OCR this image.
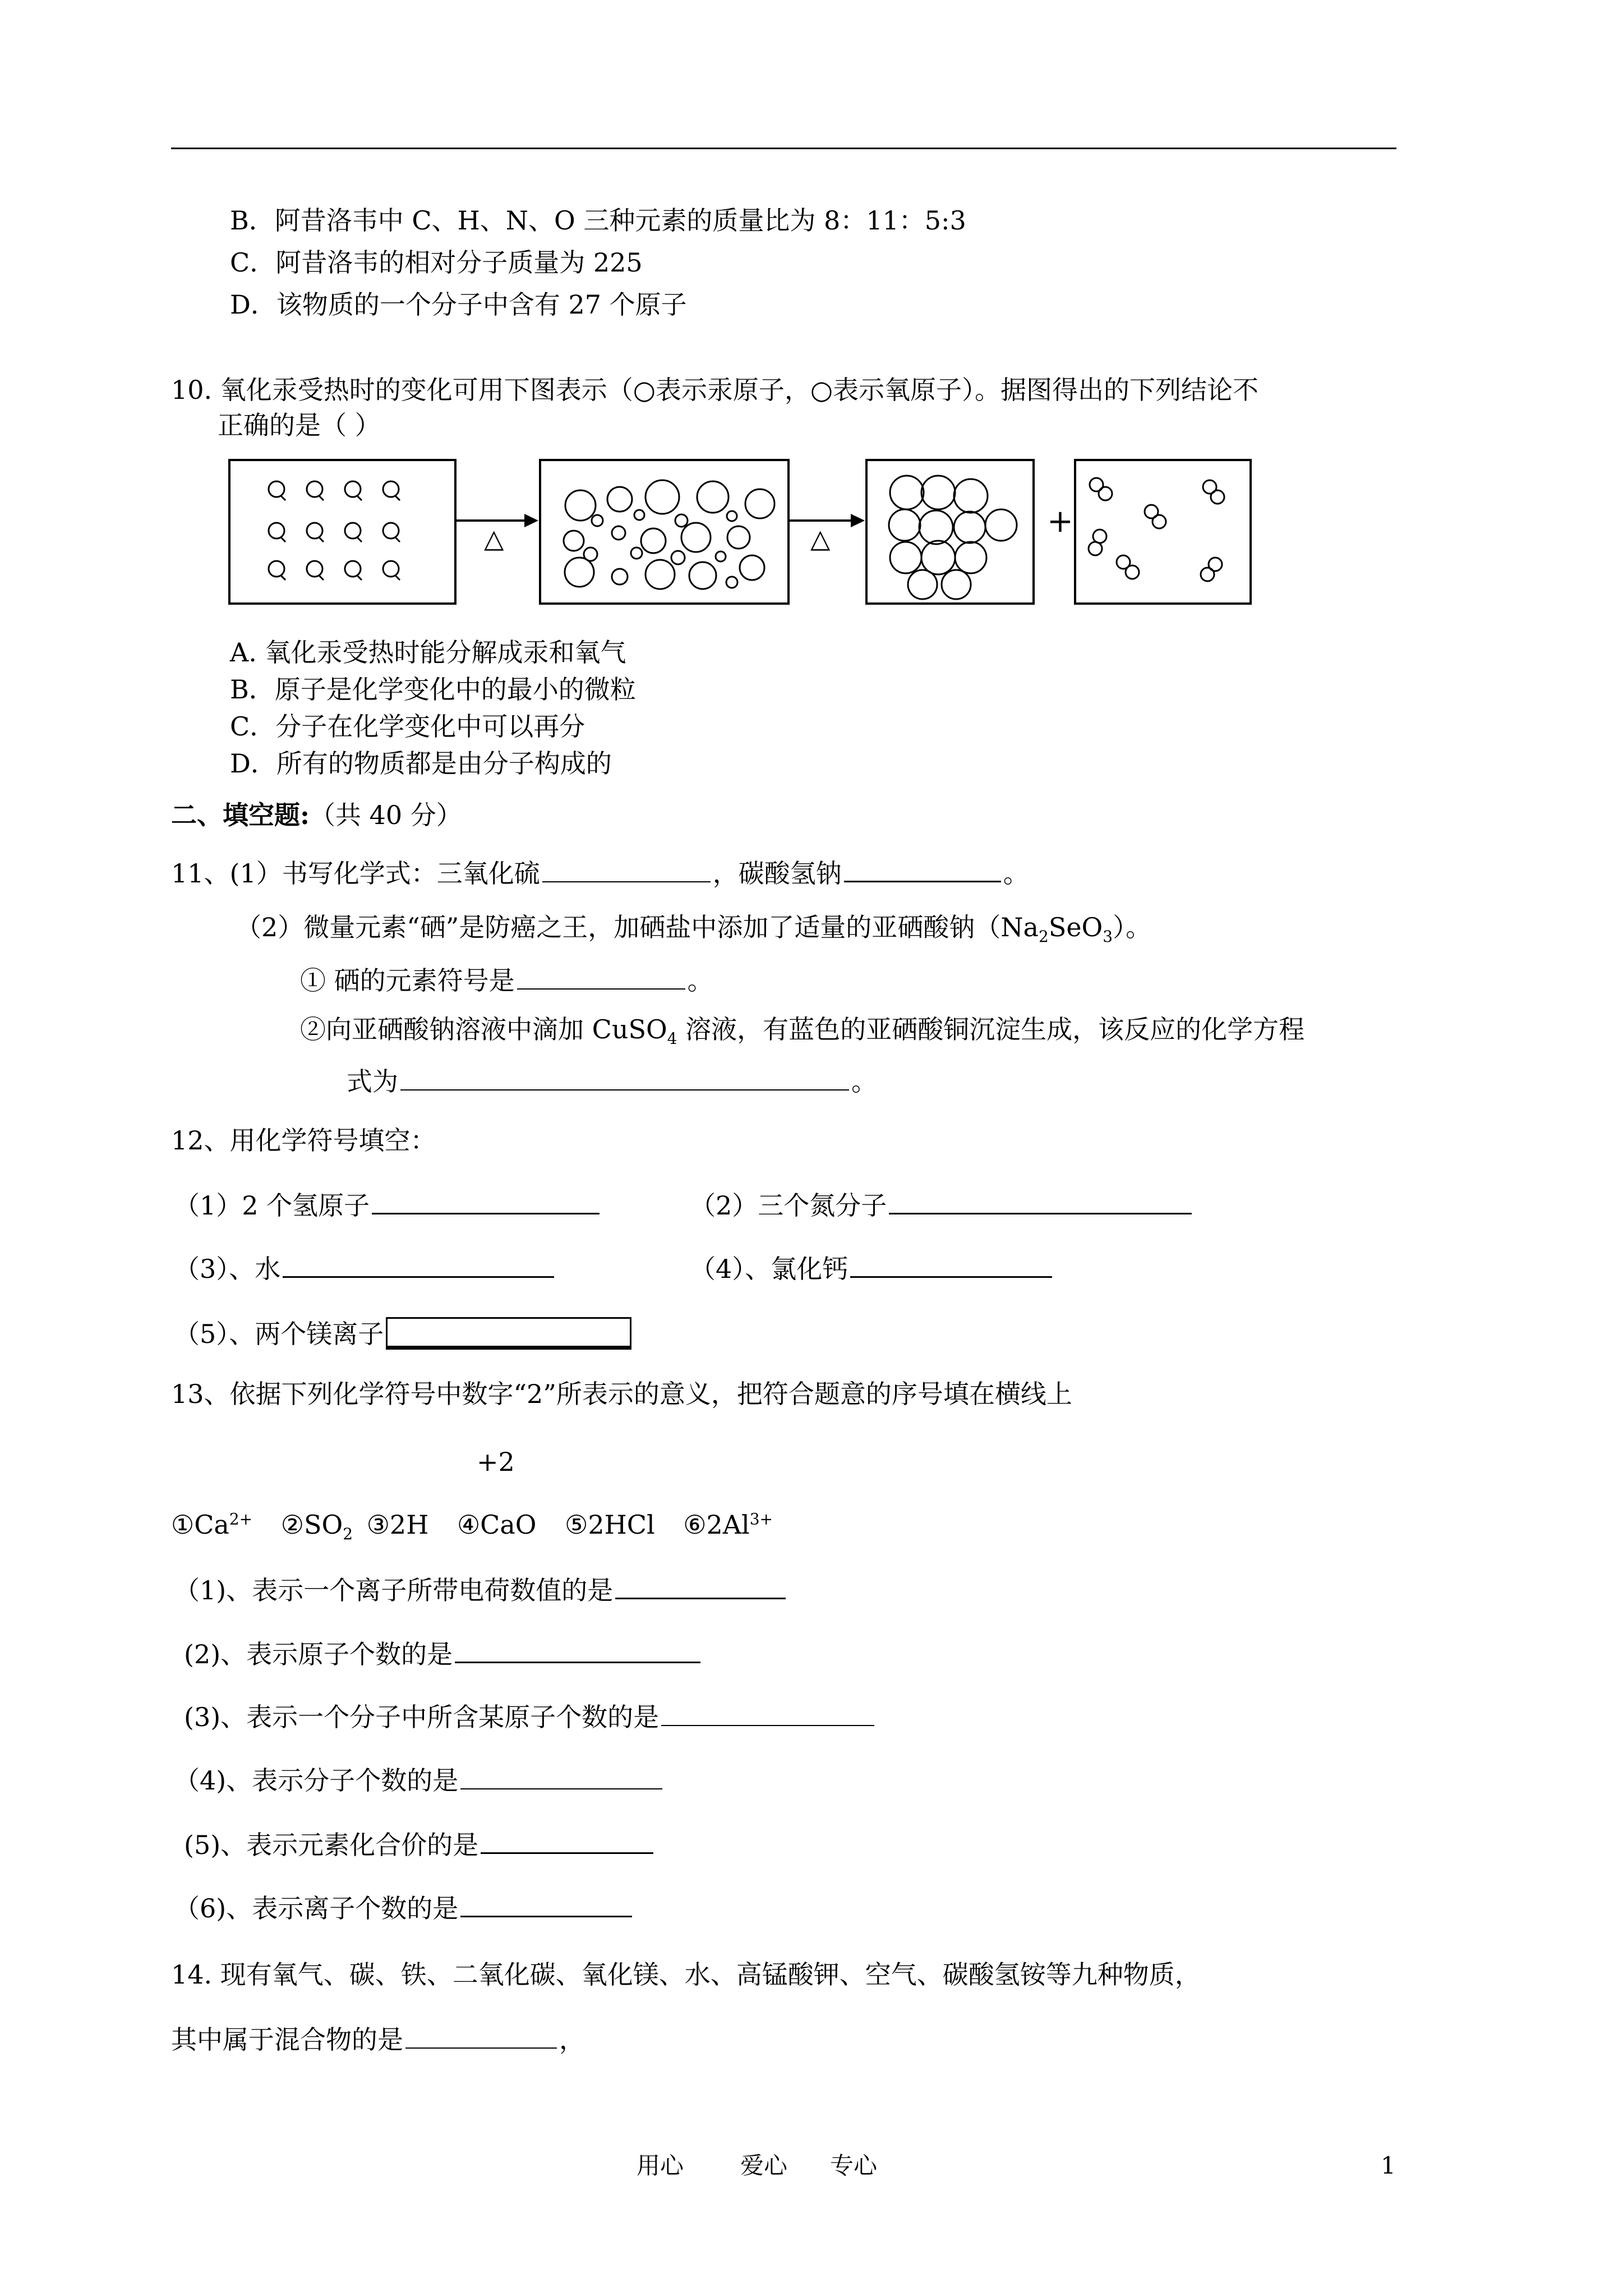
B．阿昔洛韦中 C、H、N、O 三种元素的质量比为 8：11：5:3
C．阿昔洛韦的相对分子质量为 225
D．该物质的一个分子中含有 27 个原子
10. 氧化汞受热时的变化可用下图表示（○表示汞原子，○表示氧原子）。据图得出的下列结论不
正确的是（ ）
△	△	+
A. 氧化汞受热时能分解成汞和氧气
B．原子是化学变化中的最小的微粒
C．分子在化学变化中可以再分
D．所有的物质都是由分子构成的
二、填空题:（共 40 分）
11、(1）书写化学式：三氧化硫	，碳酸氢钠	。
（2）微量元素“硒”是防癌之王，加硒盐中添加了适量的亚硒酸钠$(Na_2SeO_3)$。
① 硒的元素符号是	。
②向亚硒酸钠溶液中滴加 CuSO$_4$ 溶液，有蓝色的亚硒酸铜沉淀生成，该反应的化学方程
式为	。
12、用化学符号填空：
（1）2 个氢原子	（2）三个氮分子
（3）、水	（4）、氯化钙
（5）、两个镁离子
13、依据下列化学符号中数字“2”所表示的意义，把符合题意的序号填在横线上
+2
$①Ca^{2+}$ $②SO_2$ ③2H ④CaO ⑤2HCl $⑥2Al^{3+}$
（1)、表示一个离子所带电荷数值的是
(2)、表示原子个数的是
(3)、表示一个分子中所含某原子个数的是
（4)、表示分子个数的是
(5)、表示元素化合价的是
（6)、表示离子个数的是
14. 现有氧气、碳、铁、二氧化碳、氧化镁、水、高锰酸钾、空气、碳酸氢铵等九种物质，
其中属于混合物的是	，
用心 爱心 专心	1
